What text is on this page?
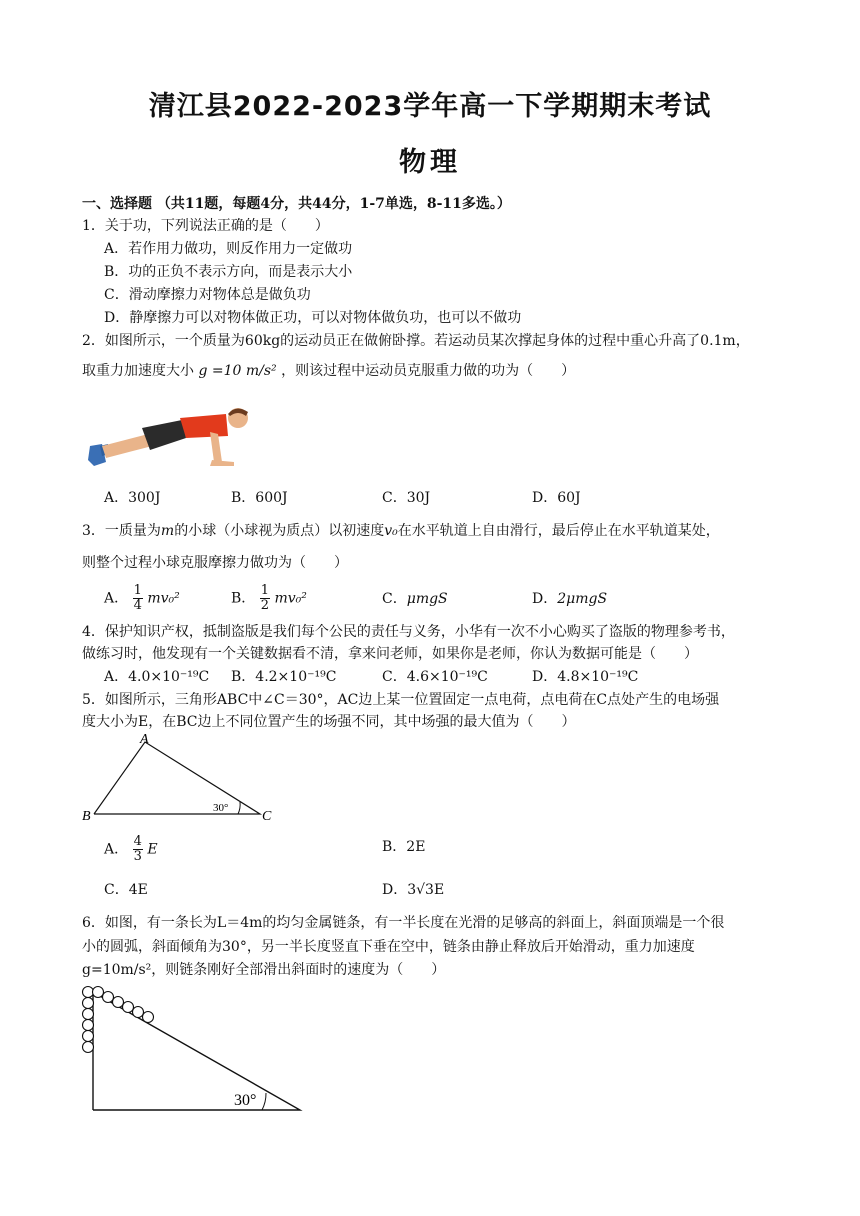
清江县2022-2023学年高一下学期期末考试
物理
一、选择题 （共11题，每题4分，共44分，1-7单选，8-11多选。）
1．关于功，下列说法正确的是（　　）
A．若作用力做功，则反作用力一定做功
B．功的正负不表示方向，而是表示大小
C．滑动摩擦力对物体总是做负功
D．静摩擦力可以对物体做正功，可以对物体做负功，也可以不做功
2．如图所示，一个质量为60kg的运动员正在做俯卧撑。若运动员某次撑起身体的过程中重心升高了0.1m，
取重力加速度大小 g =10 m/s² ，则该过程中运动员克服重力做的功为（　　）
A．300J	B．600J	C．30J	D．60J
3．一质量为m的小球（小球视为质点）以初速度v₀在水平轨道上自由滑行，最后停止在水平轨道某处，
则整个过程小球克服摩擦力做功为（　　）
A． $\frac{1}{4} mv_0^2$	B． $\frac{1}{2} mv_0^2$	C．μmgS	D．2μmgS
4．保护知识产权，抵制盗版是我们每个公民的责任与义务，小华有一次不小心购买了盗版的物理参考书，
做练习时，他发现有一个关键数据看不清，拿来问老师，如果你是老师，你认为数据可能是（　　）
A．4.0×10⁻¹⁹C B．4.2×10⁻¹⁹C	C．4.6×10⁻¹⁹C	D．4.8×10⁻¹⁹C
5．如图所示，三角形ABC中∠C＝30°，AC边上某一位置固定一点电荷，点电荷在C点处产生的电场强
度大小为E，在BC边上不同位置产生的场强不同，其中场强的最大值为（　　）
A
B	C
30°
A． $\frac{4}{3}$ E	B．2E
C．4E	D．3√3E
6．如图，有一条长为L＝4m的均匀金属链条，有一半长度在光滑的足够高的斜面上，斜面顶端是一个很
小的圆弧，斜面倾角为30°，另一半长度竖直下垂在空中，链条由静止释放后开始滑动，重力加速度
g=10m/s²，则链条刚好全部滑出斜面时的速度为（　　）
30°
